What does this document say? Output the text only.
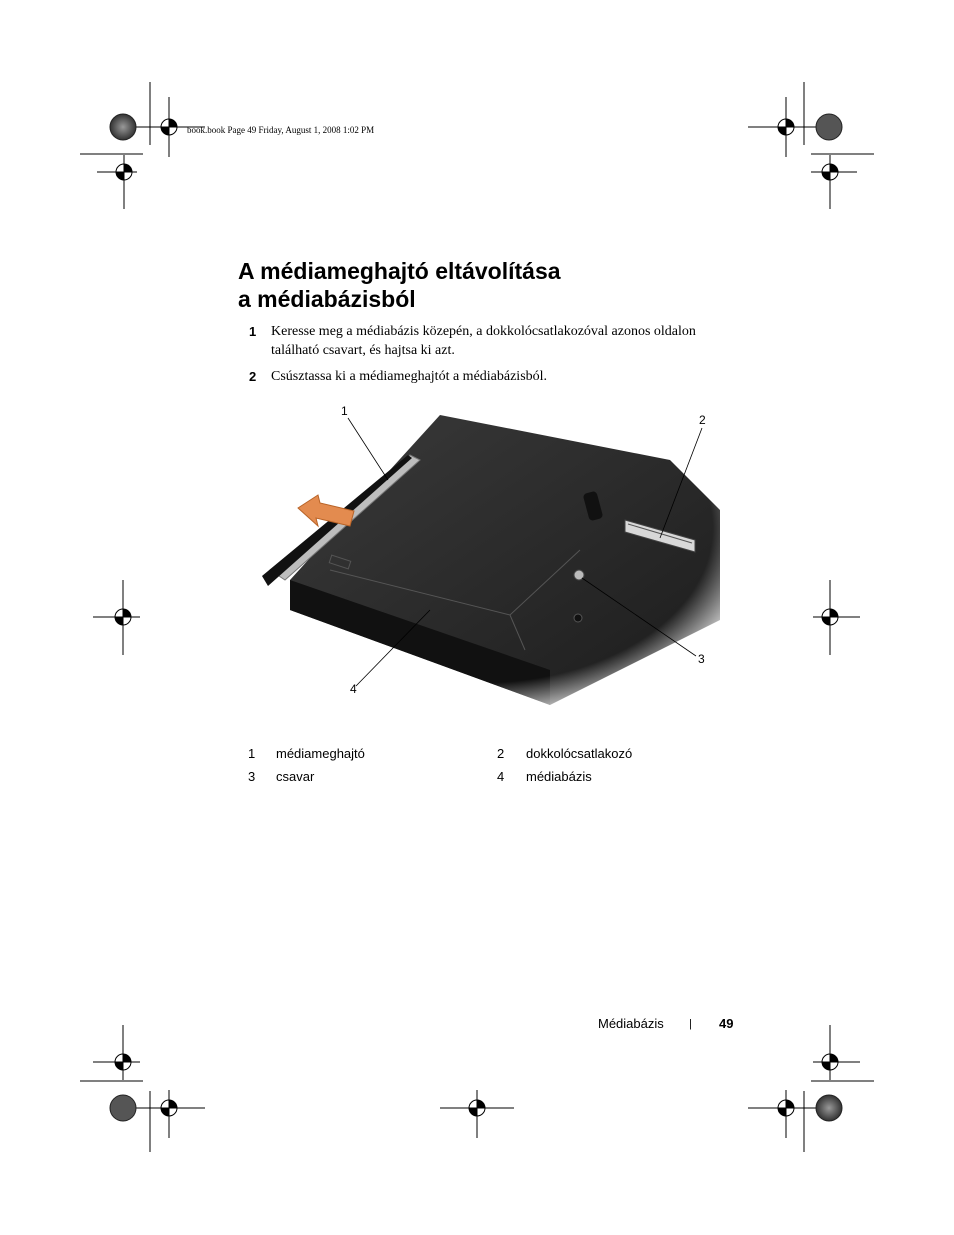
book.book Page 49 Friday, August 1, 2008 1:02 PM
A médiameghajtó eltávolítása
a médiabázisból
1 Keresse meg a médiabázis közepén, a dokkolócsatlakozóval azonos oldalon található csavart, és hajtsa ki azt.
2 Csúsztassa ki a médiameghajtót a médiabázisból.
1
2
3
4
1 médiameghajtó	2 dokkolócsatlakozó
3 csavar	4 médiabázis
Médiabázis | 49
